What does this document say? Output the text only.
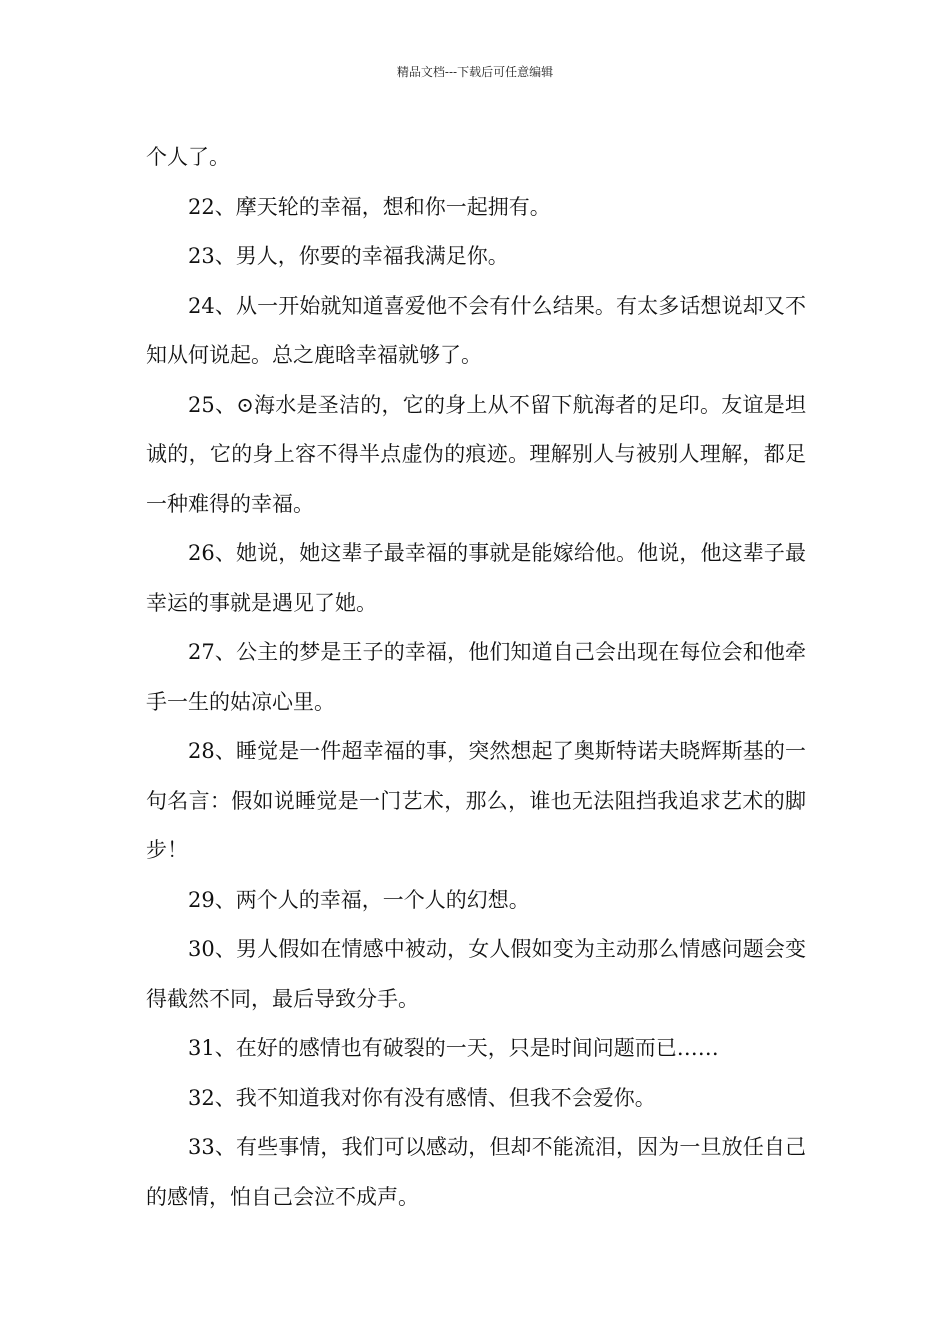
精品文档---下载后可任意编辑

个人了。

22、摩天轮的幸福，想和你一起拥有。

23、男人，你要的幸福我满足你。

24、从一开始就知道喜爱他不会有什么结果。有太多话想说却又不知从何说起。总之鹿晗幸福就够了。

25、⊙海水是圣洁的，它的身上从不留下航海者的足印。友谊是坦诚的，它的身上容不得半点虚伪的痕迹。理解别人与被别人理解，都足一种难得的幸福。

26、她说，她这辈子最幸福的事就是能嫁给他。他说，他这辈子最幸运的事就是遇见了她。

27、公主的梦是王子的幸福，他们知道自己会出现在每位会和他牵手一生的姑凉心里。

28、睡觉是一件超幸福的事，突然想起了奥斯特诺夫晓辉斯基的一句名言：假如说睡觉是一门艺术，那么，谁也无法阻挡我追求艺术的脚步！

29、两个人的幸福，一个人的幻想。

30、男人假如在情感中被动，女人假如变为主动那么情感问题会变得截然不同，最后导致分手。

31、在好的感情也有破裂的一天，只是时间问题而已……

32、我不知道我对你有没有感情、但我不会爱你。

33、有些事情，我们可以感动，但却不能流泪，因为一旦放任自己的感情，怕自己会泣不成声。
